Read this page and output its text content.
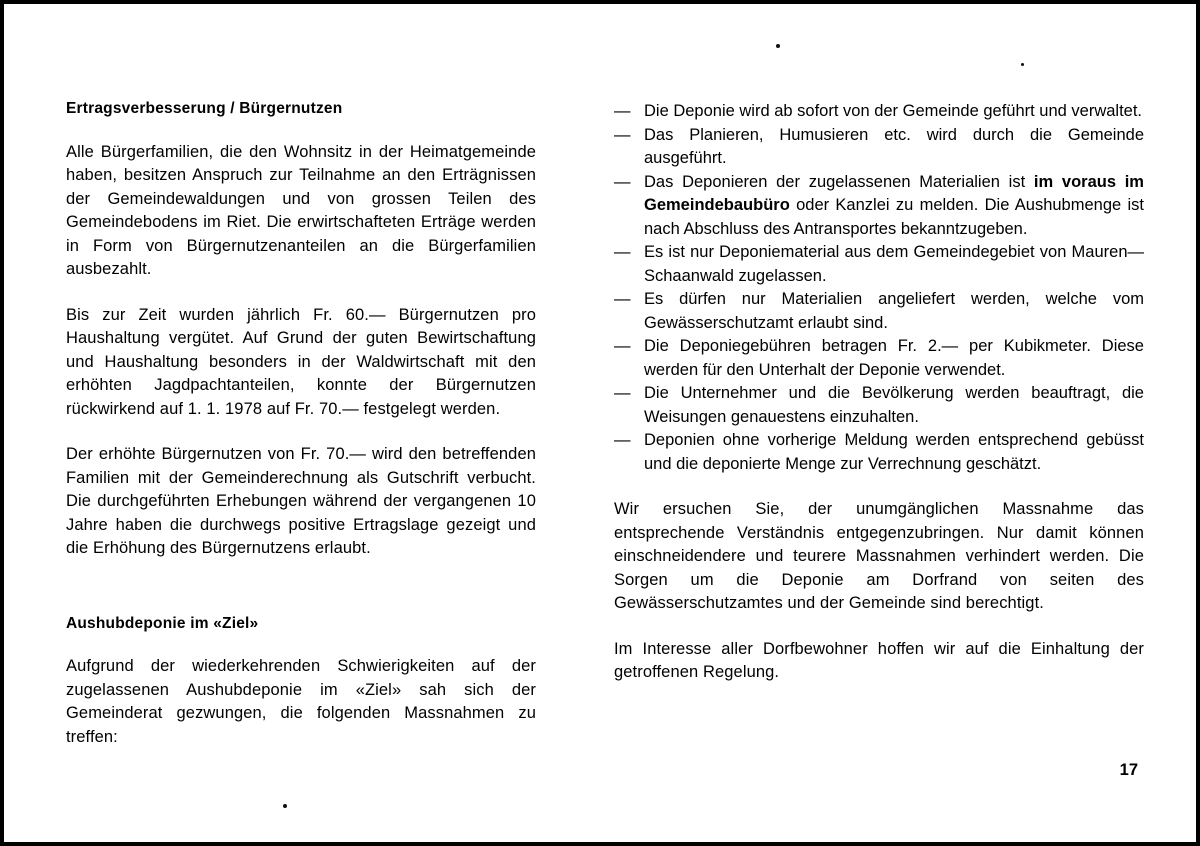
Ertragsverbesserung / Bürgernutzen

Alle Bürgerfamilien, die den Wohnsitz in der Heimatgemeinde haben, besitzen Anspruch zur Teilnahme an den Erträgnissen der Gemeindewaldungen und von grossen Teilen des Gemeindebodens im Riet. Die erwirtschafteten Erträge werden in Form von Bürgernutzenanteilen an die Bürgerfamilien ausbezahlt.

Bis zur Zeit wurden jährlich Fr. 60.— Bürgernutzen pro Haushaltung vergütet. Auf Grund der guten Bewirtschaftung und Haushaltung besonders in der Waldwirtschaft mit den erhöhten Jagdpachtanteilen, konnte der Bürgernutzen rückwirkend auf 1. 1. 1978 auf Fr. 70.— festgelegt werden.

Der erhöhte Bürgernutzen von Fr. 70.— wird den betreffenden Familien mit der Gemeinderechnung als Gutschrift verbucht. Die durchgeführten Erhebungen während der vergangenen 10 Jahre haben die durchwegs positive Ertragslage gezeigt und die Erhöhung des Bürgernutzens erlaubt.

Aushubdeponie im «Ziel»

Aufgrund der wiederkehrenden Schwierigkeiten auf der zugelassenen Aushubdeponie im «Ziel» sah sich der Gemeinderat gezwungen, die folgenden Massnahmen zu treffen:

— Die Deponie wird ab sofort von der Gemeinde geführt und verwaltet.
— Das Planieren, Humusieren etc. wird durch die Gemeinde ausgeführt.
— Das Deponieren der zugelassenen Materialien ist im voraus im Gemeindebaubüro oder Kanzlei zu melden. Die Aushubmenge ist nach Abschluss des Antransportes bekanntzugeben.
— Es ist nur Deponiematerial aus dem Gemeindegebiet von Mauren—Schaanwald zugelassen.
— Es dürfen nur Materialien angeliefert werden, welche vom Gewässerschutzamt erlaubt sind.
— Die Deponiegebühren betragen Fr. 2.— per Kubikmeter. Diese werden für den Unterhalt der Deponie verwendet.
— Die Unternehmer und die Bevölkerung werden beauftragt, die Weisungen genauestens einzuhalten.
— Deponien ohne vorherige Meldung werden entsprechend gebüsst und die deponierte Menge zur Verrechnung geschätzt.

Wir ersuchen Sie, der unumgänglichen Massnahme das entsprechende Verständnis entgegenzubringen. Nur damit können einschneidendere und teurere Massnahmen verhindert werden. Die Sorgen um die Deponie am Dorfrand von seiten des Gewässerschutzamtes und der Gemeinde sind berechtigt.

Im Interesse aller Dorfbewohner hoffen wir auf die Einhaltung der getroffenen Regelung.

17
